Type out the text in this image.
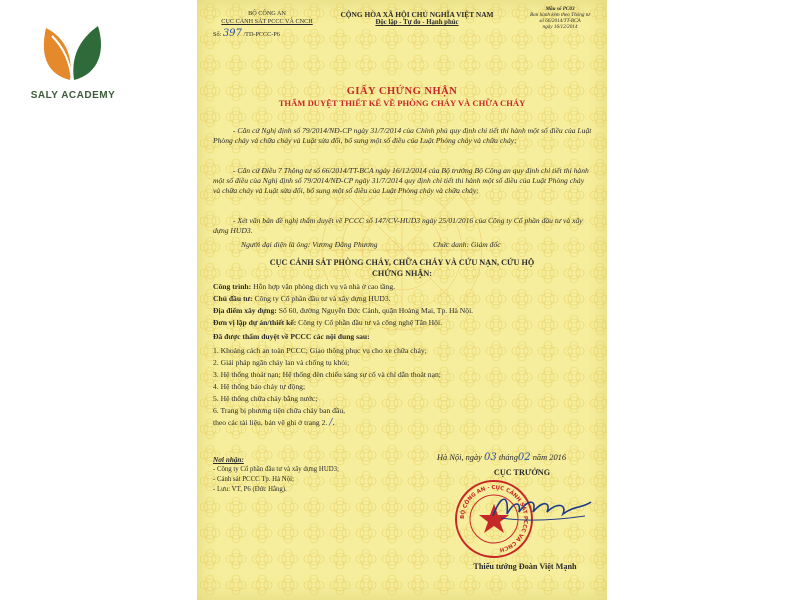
SALY ACADEMY
BỘ CÔNG AN
CỤC CẢNH SÁT PCCC VÀ CNCH
Số: 397 /TD-PCCC-P6
CỘNG HÒA XÃ HỘI CHỦ NGHĨA VIỆT NAM
Độc lập - Tự do - Hạnh phúc
Mẫu số PC03
Ban hành kèm theo Thông tư
số 66/2014/TT-BCA
ngày 16/12/2014
GIẤY CHỨNG NHẬN
THẨM DUYỆT THIẾT KẾ VỀ PHÒNG CHÁY VÀ CHỮA CHÁY
- Căn cứ Nghị định số 79/2014/NĐ-CP ngày 31/7/2014 của Chính phủ quy định chi tiết thi hành một số điều của Luật Phòng cháy và chữa cháy và Luật sửa đổi, bổ sung một số điều của Luật Phòng cháy và chữa cháy;
- Căn cứ Điều 7 Thông tư số 66/2014/TT-BCA ngày 16/12/2014 của Bộ trưởng Bộ Công an quy định chi tiết thi hành một số điều của Nghị định số 79/2014/NĐ-CP ngày 31/7/2014 quy định chi tiết thi hành một số điều của Luật Phòng cháy và chữa cháy và Luật sửa đổi, bổ sung một số điều của Luật Phòng cháy và chữa cháy;
- Xét văn bản đề nghị thẩm duyệt về PCCC số 147/CV-HUD3 ngày 25/01/2016 của Công ty Cổ phần đầu tư và xây dựng HUD3.
Người đại diện là ông: Vương Đăng Phương	Chức danh: Giám đốc
CỤC CẢNH SÁT PHÒNG CHÁY, CHỮA CHÁY VÀ CỨU NẠN, CỨU HỘ
CHỨNG NHẬN:
Công trình: Hỗn hợp văn phòng dịch vụ và nhà ở cao tầng.
Chủ đầu tư: Công ty Cổ phần đầu tư và xây dựng HUD3.
Địa điểm xây dựng: Số 60, đường Nguyễn Đức Cảnh, quận Hoàng Mai, Tp. Hà Nội.
Đơn vị lập dự án/thiết kế: Công ty Cổ phần đầu tư và công nghệ Tân Hội.
Đã được thẩm duyệt về PCCC các nội dung sau:
1. Khoảng cách an toàn PCCC; Giao thông phục vụ cho xe chữa cháy;
2. Giải pháp ngăn cháy lan và chống tụ khói;
3. Hệ thống thoát nạn; Hệ thống đèn chiếu sáng sự cố và chỉ dẫn thoát nạn;
4. Hệ thống báo cháy tự động;
5. Hệ thống chữa cháy bằng nước;
6. Trang bị phương tiện chữa cháy ban đầu,
theo các tài liệu, bản vẽ ghi ở trang 2. /.
Hà Nội, ngày 03 tháng02 năm 2016
CỤC TRƯỞNG
BỘ CÔNG AN · CỤC CẢNH SÁT PCCC VÀ CNCH
Thiếu tướng Đoàn Việt Mạnh
Nơi nhận:
- Công ty Cổ phần đầu tư và xây dựng HUD3;
- Cảnh sát PCCC Tp. Hà Nội;
- Lưu: VT, P6 (Đức Hằng).
